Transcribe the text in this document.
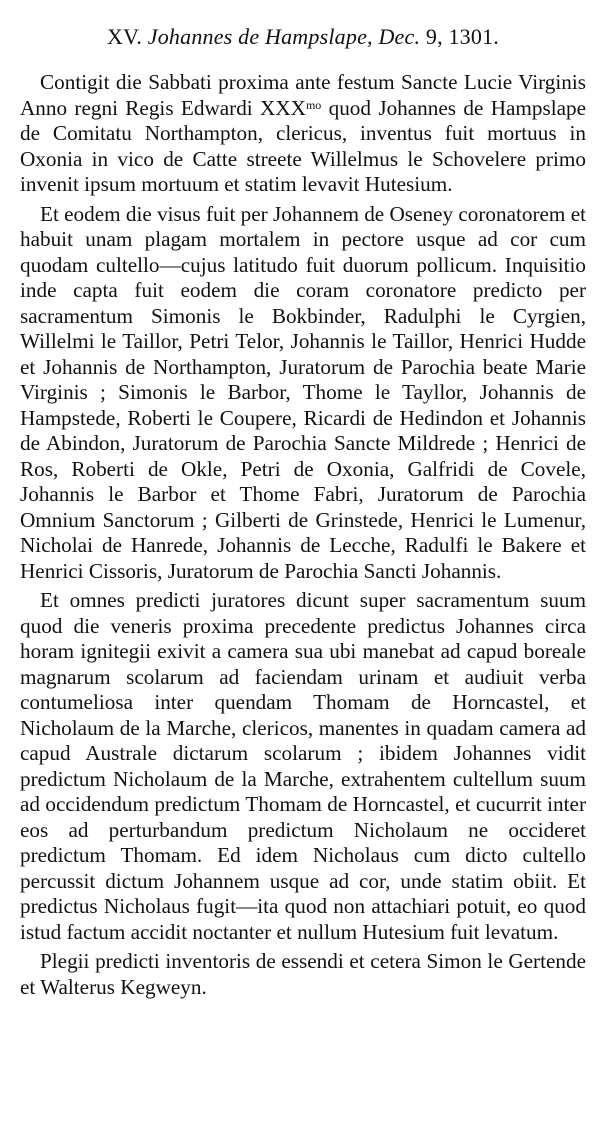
XV. Johannes de Hampslape, Dec. 9, 1301.

Contigit die Sabbati proxima ante festum Sancte Lucie Virginis Anno regni Regis Edwardi $XXX^{mo}$ quod Johannes de Hampslape de Comitatu Northampton, clericus, inventus fuit mortuus in Oxonia in vico de Catte streete Willelmus le Schovelere primo invenit ipsum mortuum et statim levavit Hutesium.

Et eodem die visus fuit per Johannem de Oseney coronatorem et habuit unam plagam mortalem in pectore usque ad cor cum quodam cultello—cujus latitudo fuit duorum pollicum. Inquisitio inde capta fuit eodem die coram coronatore predicto per sacramentum Simonis le Bokbinder, Radulphi le Cyrgien, Willelmi le Taillor, Petri Telor, Johannis le Taillor, Henrici Hudde et Johannis de Northampton, Juratorum de Parochia beate Marie Virginis ; Simonis le Barbor, Thome le Tayllor, Johannis de Hampstede, Roberti le Coupere, Ricardi de Hedindon et Johannis de Abindon, Juratorum de Parochia Sancte Mildrede ; Henrici de Ros, Roberti de Okle, Petri de Oxonia, Galfridi de Covele, Johannis le Barbor et Thome Fabri, Juratorum de Parochia Omnium Sanctorum ; Gilberti de Grinstede, Henrici le Lumenur, Nicholai de Hanrede, Johannis de Lecche, Radulfi le Bakere et Henrici Cissoris, Juratorum de Parochia Sancti Johannis.

Et omnes predicti juratores dicunt super sacramentum suum quod die veneris proxima precedente predictus Johannes circa horam ignitegii exivit a camera sua ubi manebat ad capud boreale magnarum scolarum ad faciendam urinam et audiuit verba contumeliosa inter quendam Thomam de Horncastel, et Nicholaum de la Marche, clericos, manentes in quadam camera ad capud Australe dictarum scolarum ; ibidem Johannes vidit predictum Nicholaum de la Marche, extrahentem cultellum suum ad occidendum predictum Thomam de Horncastel, et cucurrit inter eos ad perturbandum predictum Nicholaum ne occideret predictum Thomam. Ed idem Nicholaus cum dicto cultello percussit dictum Johannem usque ad cor, unde statim obiit. Et predictus Nicholaus fugit—ita quod non attachiari potuit, eo quod istud factum accidit noctanter et nullum Hutesium fuit levatum.

Plegii predicti inventoris de essendi et cetera Simon le Gertende et Walterus Kegweyn.
